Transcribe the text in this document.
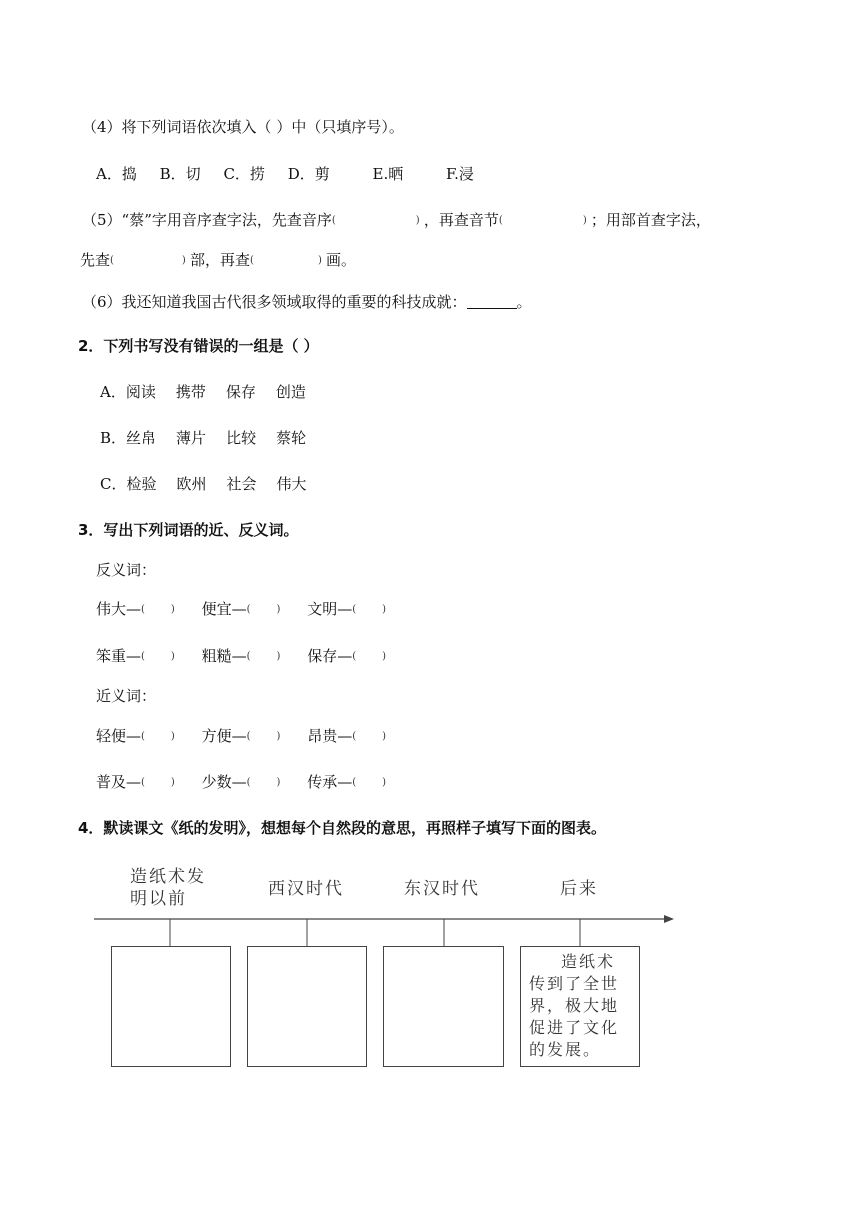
（4）将下列词语依次填入（ ）中（只填序号）。
A．捣 B．切 C．捞 D．剪	E.晒	F.浸
（5）“蔡”字用音序查字法，先查音序(	) ，再查音节(	) ；用部首查字法，
先查(	) 部，再查(	) 画。
（6）我还知道我国古代很多领域取得的重要的科技成就：	。
2．下列书写没有错误的一组是（ ）
A．阅读 携带 保存 创造
B．丝帛 薄片 比较 蔡轮
C．检验 欧州 社会 伟大
3．写出下列词语的近、反义词。
反义词：
伟大—(	) 便宜—(	) 文明—(	)
笨重—(	) 粗糙—(	) 保存—(	)
近义词：
轻便—(	) 方便—(	) 昂贵—(	)
普及—(	) 少数—(	) 传承—(	)
4．默读课文《纸的发明》，想想每个自然段的意思，再照样子填写下面的图表。
造纸术发明以前	西汉时代	东汉时代	后来
造纸术传到了全世界，极大地促进了文化的发展。
